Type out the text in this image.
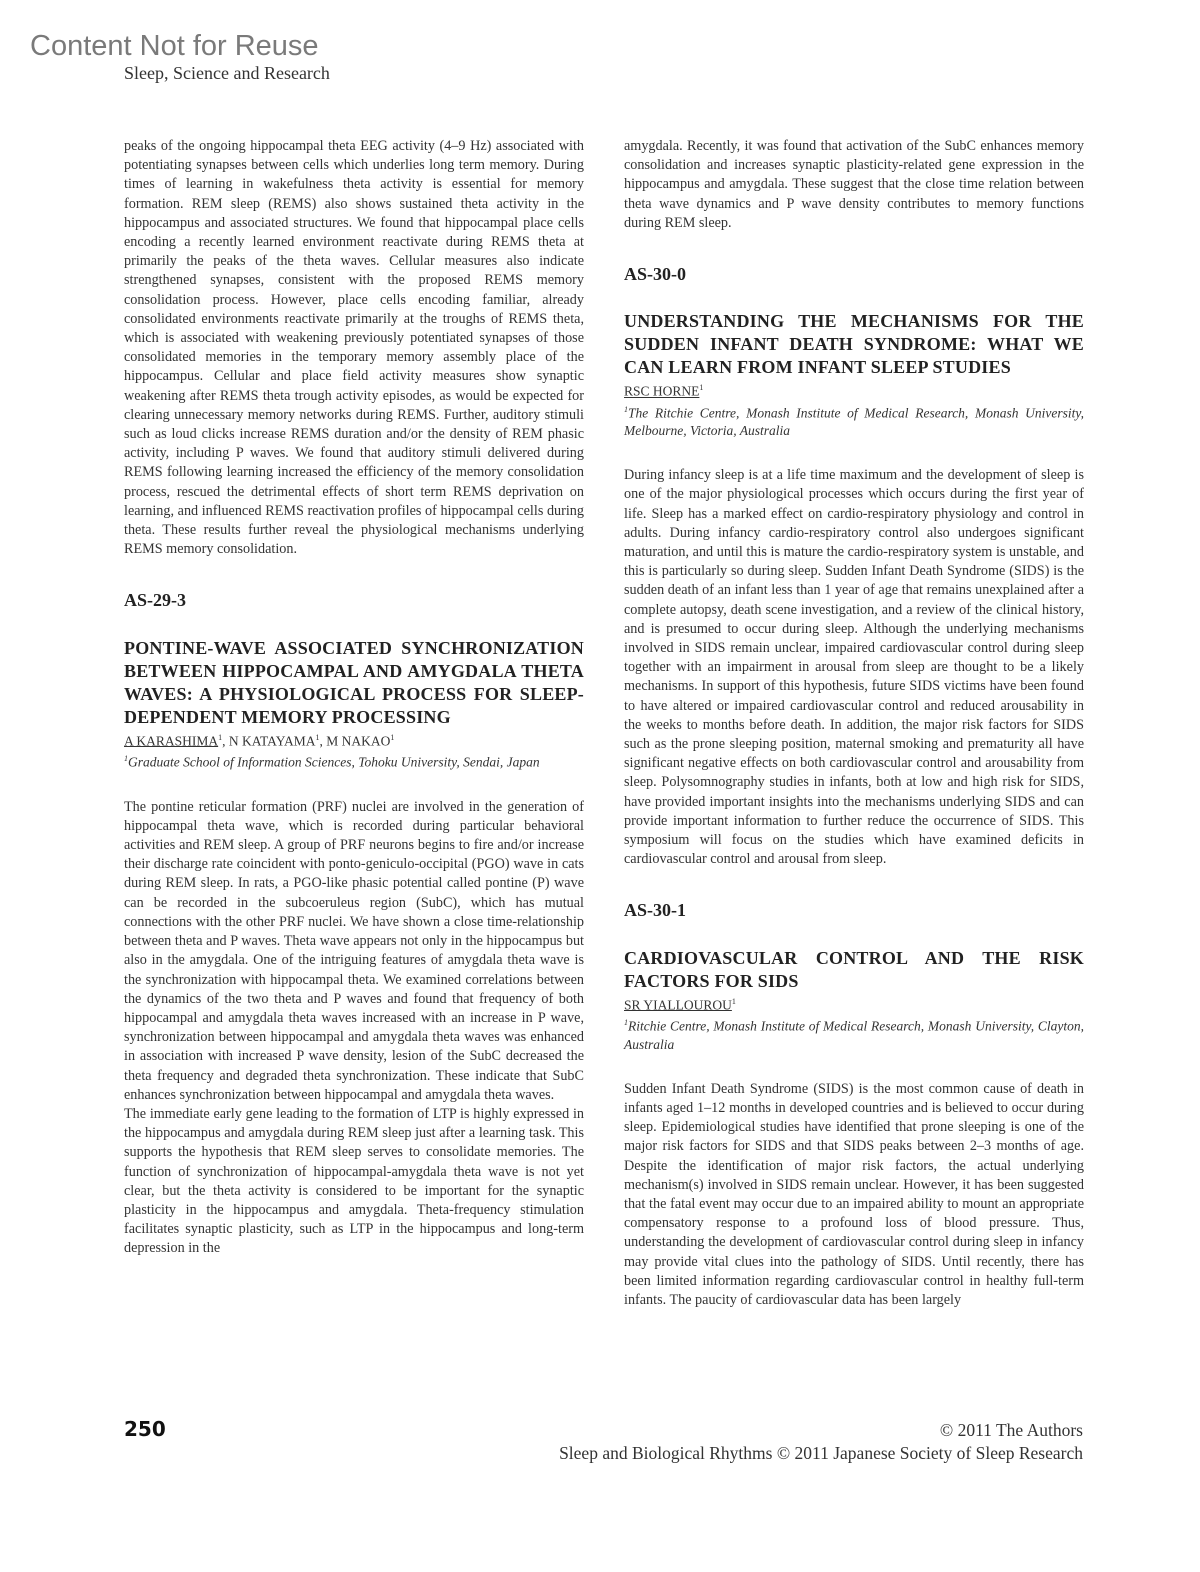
Content Not for Reuse
Sleep, Science and Research

peaks of the ongoing hippocampal theta EEG activity (4–9 Hz) associated with potentiating synapses between cells which underlies long term memory. During times of learning in wakefulness theta activity is essential for memory formation. REM sleep (REMS) also shows sustained theta activity in the hippocampus and associated structures. We found that hippocampal place cells encoding a recently learned environment reactivate during REMS theta at primarily the peaks of the theta waves. Cellular measures also indicate strengthened synapses, consistent with the proposed REMS memory consolidation process. However, place cells encoding familiar, already consolidated environments reactivate primarily at the troughs of REMS theta, which is associated with weakening previously potentiated synapses of those consolidated memories in the temporary memory assembly place of the hippocampus. Cellular and place field activity measures show synaptic weakening after REMS theta trough activity episodes, as would be expected for clearing unnecessary memory networks during REMS. Further, auditory stimuli such as loud clicks increase REMS duration and/or the density of REM phasic activity, including P waves. We found that auditory stimuli delivered during REMS following learning increased the efficiency of the memory consolidation process, rescued the detrimental effects of short term REMS deprivation on learning, and influenced REMS reactivation profiles of hippocampal cells during theta. These results further reveal the physiological mechanisms underlying REMS memory consolidation.

AS-29-3

PONTINE-WAVE ASSOCIATED SYNCHRONIZATION BETWEEN HIPPOCAMPAL AND AMYGDALA THETA WAVES: A PHYSIOLOGICAL PROCESS FOR SLEEP-DEPENDENT MEMORY PROCESSING

A KARASHIMA$^1$, N KATAYAMA$^1$, M NAKAO$^1$

$^1$Graduate School of Information Sciences, Tohoku University, Sendai, Japan

The pontine reticular formation (PRF) nuclei are involved in the generation of hippocampal theta wave, which is recorded during particular behavioral activities and REM sleep. A group of PRF neurons begins to fire and/or increase their discharge rate coincident with ponto-geniculo-occipital (PGO) wave in cats during REM sleep. In rats, a PGO-like phasic potential called pontine (P) wave can be recorded in the subcoeruleus region (SubC), which has mutual connections with the other PRF nuclei. We have shown a close time-relationship between theta and P waves. Theta wave appears not only in the hippocampus but also in the amygdala. One of the intriguing features of amygdala theta wave is the synchronization with hippocampal theta. We examined correlations between the dynamics of the two theta and P waves and found that frequency of both hippocampal and amygdala theta waves increased with an increase in P wave, synchronization between hippocampal and amygdala theta waves was enhanced in association with increased P wave density, lesion of the SubC decreased the theta frequency and degraded theta synchronization. These indicate that SubC enhances synchronization between hippocampal and amygdala theta waves.

The immediate early gene leading to the formation of LTP is highly expressed in the hippocampus and amygdala during REM sleep just after a learning task. This supports the hypothesis that REM sleep serves to consolidate memories. The function of synchronization of hippocampal-amygdala theta wave is not yet clear, but the theta activity is considered to be important for the synaptic plasticity in the hippocampus and amygdala. Theta-frequency stimulation facilitates synaptic plasticity, such as LTP in the hippocampus and long-term depression in the

amygdala. Recently, it was found that activation of the SubC enhances memory consolidation and increases synaptic plasticity-related gene expression in the hippocampus and amygdala. These suggest that the close time relation between theta wave dynamics and P wave density contributes to memory functions during REM sleep.

AS-30-0

UNDERSTANDING THE MECHANISMS FOR THE SUDDEN INFANT DEATH SYNDROME: WHAT WE CAN LEARN FROM INFANT SLEEP STUDIES

RSC HORNE$^1$

$^1$The Ritchie Centre, Monash Institute of Medical Research, Monash University, Melbourne, Victoria, Australia

During infancy sleep is at a life time maximum and the development of sleep is one of the major physiological processes which occurs during the first year of life. Sleep has a marked effect on cardio-respiratory physiology and control in adults. During infancy cardio-respiratory control also undergoes significant maturation, and until this is mature the cardio-respiratory system is unstable, and this is particularly so during sleep. Sudden Infant Death Syndrome (SIDS) is the sudden death of an infant less than 1 year of age that remains unexplained after a complete autopsy, death scene investigation, and a review of the clinical history, and is presumed to occur during sleep. Although the underlying mechanisms involved in SIDS remain unclear, impaired cardiovascular control during sleep together with an impairment in arousal from sleep are thought to be a likely mechanisms. In support of this hypothesis, future SIDS victims have been found to have altered or impaired cardiovascular control and reduced arousability in the weeks to months before death. In addition, the major risk factors for SIDS such as the prone sleeping position, maternal smoking and prematurity all have significant negative effects on both cardiovascular control and arousability from sleep. Polysomnography studies in infants, both at low and high risk for SIDS, have provided important insights into the mechanisms underlying SIDS and can provide important information to further reduce the occurrence of SIDS. This symposium will focus on the studies which have examined deficits in cardiovascular control and arousal from sleep.

AS-30-1

CARDIOVASCULAR CONTROL AND THE RISK FACTORS FOR SIDS

SR YIALLOUROU$^1$

$^1$Ritchie Centre, Monash Institute of Medical Research, Monash University, Clayton, Australia

Sudden Infant Death Syndrome (SIDS) is the most common cause of death in infants aged 1–12 months in developed countries and is believed to occur during sleep. Epidemiological studies have identified that prone sleeping is one of the major risk factors for SIDS and that SIDS peaks between 2–3 months of age. Despite the identification of major risk factors, the actual underlying mechanism(s) involved in SIDS remain unclear. However, it has been suggested that the fatal event may occur due to an impaired ability to mount an appropriate compensatory response to a profound loss of blood pressure. Thus, understanding the development of cardiovascular control during sleep in infancy may provide vital clues into the pathology of SIDS. Until recently, there has been limited information regarding cardiovascular control in healthy full-term infants. The paucity of cardiovascular data has been largely

250	© 2011 The Authors
Sleep and Biological Rhythms © 2011 Japanese Society of Sleep Research
